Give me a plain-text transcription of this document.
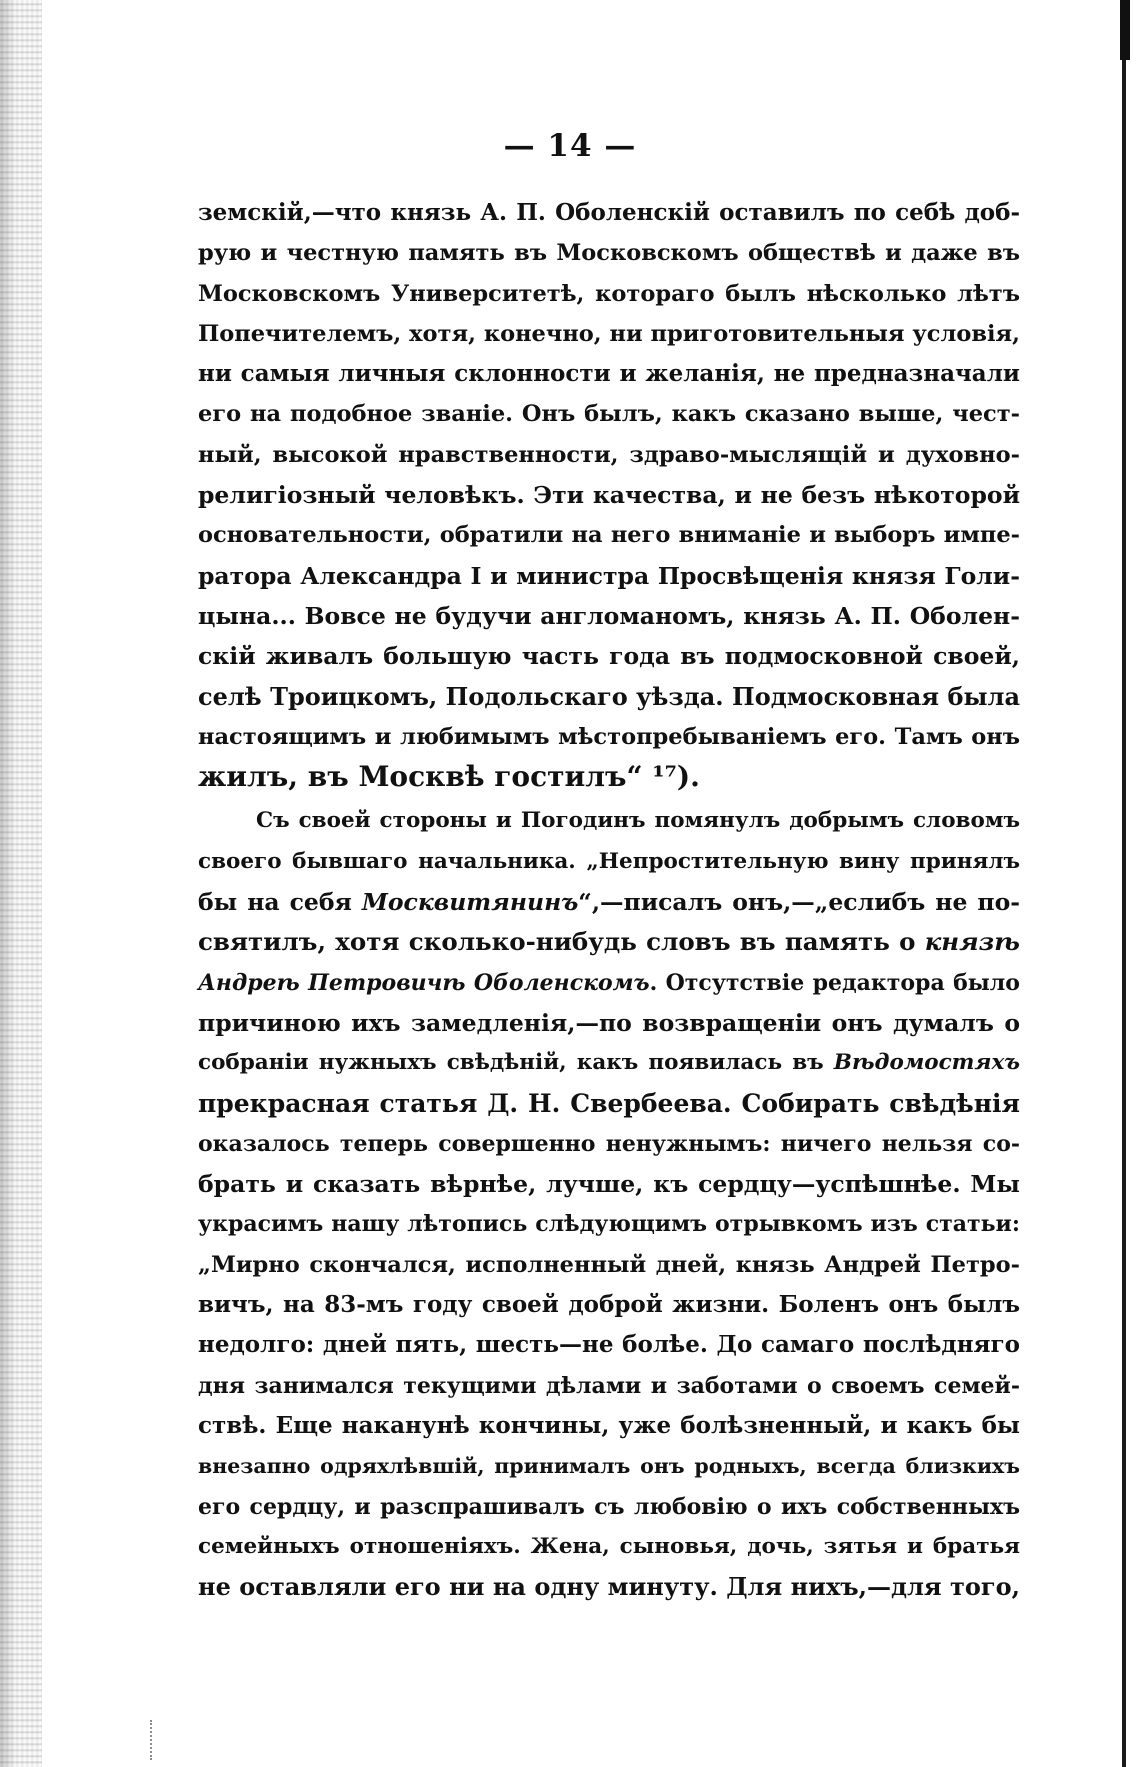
— 14 —
земскій,—что князь А. П. Оболенскій оставилъ по себѣ доб-
рую и честную память въ Московскомъ обществѣ и даже въ
Московскомъ Университетѣ, котораго былъ нѣсколько лѣтъ
Попечителемъ, хотя, конечно, ни приготовительныя условія,
ни самыя личныя склонности и желанія, не предназначали
его на подобное званіе. Онъ былъ, какъ сказано выше, чест-
ный, высокой нравственности, здраво-мыслящій и духовно-
религіозный человѣкъ. Эти качества, и не безъ нѣкоторой
основательности, обратили на него вниманіе и выборъ импе-
ратора Александра I и министра Просвѣщенія князя Голи-
цына... Вовсе не будучи англоманомъ, князь А. П. Оболен-
скій живалъ большую часть года въ подмосковной своей,
селѣ Троицкомъ, Подольскаго уѣзда. Подмосковная была
настоящимъ и любимымъ мѣстопребываніемъ его. Тамъ онъ
жилъ, въ Москвѣ гостилъ“ ¹⁷).
Съ своей стороны и Погодинъ помянулъ добрымъ словомъ
своего бывшаго начальника. „Непростительную вину принялъ
бы на себя Москвитянинъ“,—писалъ онъ,—„еслибъ не по-
святилъ, хотя сколько-нибудь словъ въ память о князѣ
Андреѣ Петровичѣ Оболенскомъ. Отсутствіе редактора было
причиною ихъ замедленія,—по возвращеніи онъ думалъ о
собраніи нужныхъ свѣдѣній, какъ появилась въ Вѣдомостяхъ
прекрасная статья Д. Н. Свербеева. Собирать свѣдѣнія
оказалось теперь совершенно ненужнымъ: ничего нельзя со-
брать и сказать вѣрнѣе, лучше, къ сердцу—успѣшнѣе. Мы
украсимъ нашу лѣтопись слѣдующимъ отрывкомъ изъ статьи:
„Мирно скончался, исполненный дней, князь Андрей Петро-
вичъ, на 83-мъ году своей доброй жизни. Боленъ онъ былъ
недолго: дней пять, шесть—не болѣе. До самаго послѣдняго
дня занимался текущими дѣлами и заботами о своемъ семей-
ствѣ. Еще наканунѣ кончины, уже болѣзненный, и какъ бы
внезапно одряхлѣвшій, принималъ онъ родныхъ, всегда близкихъ
его сердцу, и разспрашивалъ съ любовію о ихъ собственныхъ
семейныхъ отношеніяхъ. Жена, сыновья, дочь, зятья и братья
не оставляли его ни на одну минуту. Для нихъ,—для того,
